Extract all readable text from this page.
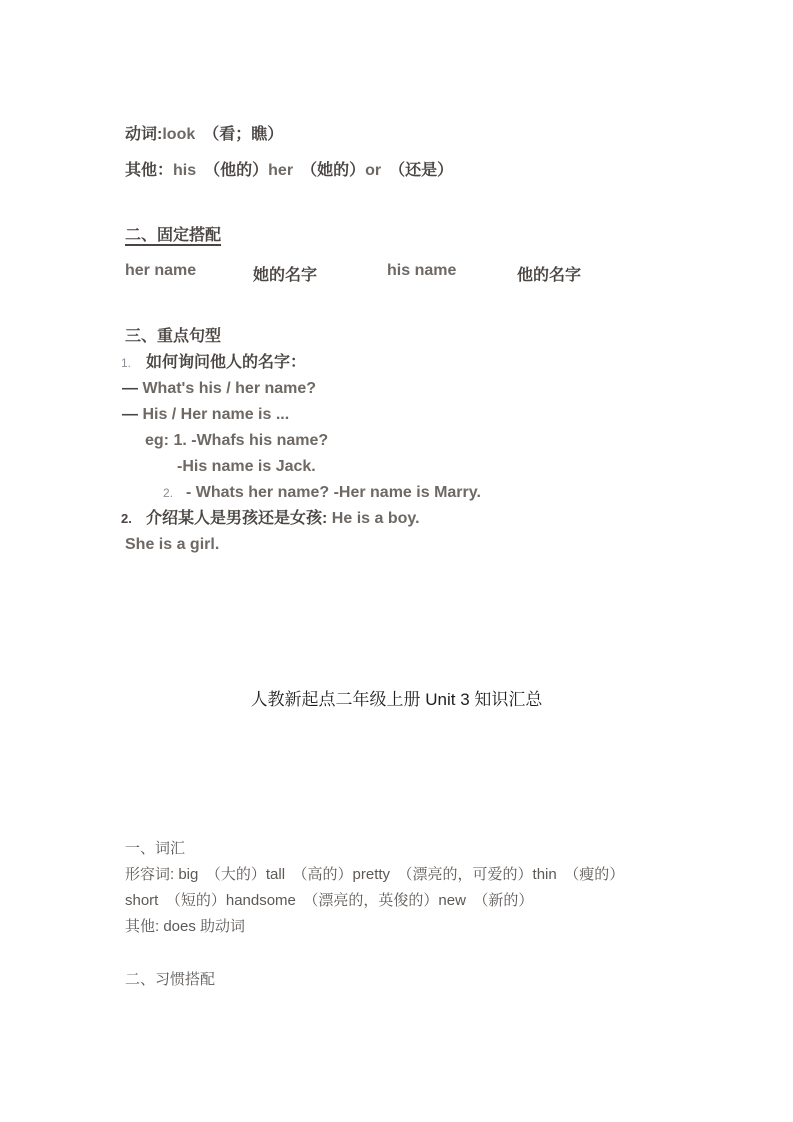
动词:look　（看；瞧）
其他：his　（他的）her　（她的）or　（还是）
二、固定搭配
her name	她的名字	his name	他的名字
三、重点句型
1. 如何询问他人的名字：
— What's his / her name?
— His / Her name is ...
eg: 1. -Whafs his name?
-His name is Jack.
2. - Whats her name? -Her name is Marry.
2. 介绍某人是男孩还是女孩: He is a boy.
She is a girl.
人教新起点二年级上册 Unit 3 知识汇总
一、词汇
形容词: big　（大的）tall　（高的）pretty　（漂亮的，可爱的）thin　（瘦的）
short　（短的）handsome　（漂亮的，英俊的）new　（新的）
其他: does 助动词
二、习惯搭配
